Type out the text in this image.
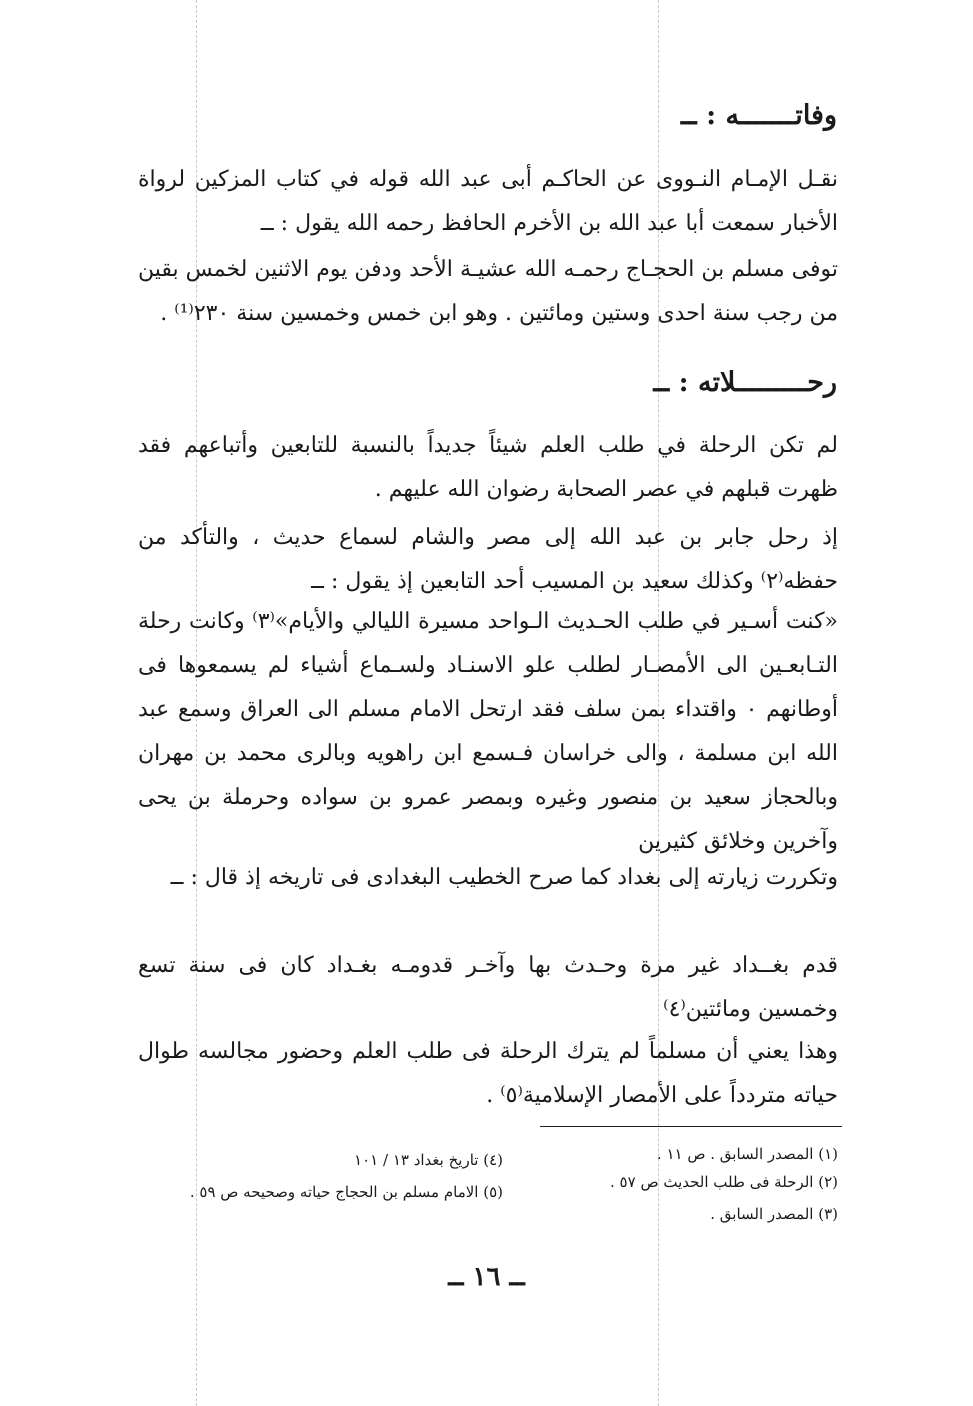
وفاتـــــــه : ــ

نقـل الإمـام النـووى عن الحاكـم أبى عبد الله قوله في كتاب المزكين لرواة الأخبار سمعت أبا عبد الله بن الأخرم الحافظ رحمه الله يقول : ــ

توفى مسلم بن الحجـاج رحمـه الله عشيـة الأحد ودفن يوم الاثنين لخمس بقين من رجب سنة احدى وستين ومائتين . وهو ابن خمس وخمسين سنة ٢٣٠⁽¹⁾ .

رحـــــــــلاته : ــ

لم تكن الرحلة في طلب العلم شيئاً جديداً بالنسبة للتابعين وأتباعهم فقد ظهرت قبلهم في عصر الصحابة رضوان الله عليهم .

إذ رحل جابر بن عبد الله إلى مصر والشام لسماع حديث ، والتأكد من حفظه⁽٢⁾ وكذلك سعيد بن المسيب أحد التابعين إذ يقول : ــ

«كنت أسـير في طلب الحـديث الـواحد مسيرة الليالي والأيام»⁽٣⁾ وكانت رحلة التـابعـين الى الأمصـار لطلب علو الاسنـاد ولسـماع أشياء لم يسمعوها فى أوطانهم ٠ واقتداء بمن سلف فقد ارتحل الامام مسلم الى العراق وسمع عبد الله ابن مسلمة ، والى خراسان فـسمع ابن راهويه وبالرى محمد بن مهران وبالحجاز سعيد بن منصور وغيره وبمصر عمرو بن سواده وحرملة بن يحى وآخرين وخلائق كثيرين

وتكررت زيارته إلى بغداد كما صرح الخطيب البغدادى فى تاريخه إذ قال : ــ

قدم بغــداد غير مرة وحـدث بها وآخـر قدومـه بغـداد كان فى سنة تسع وخمسين ومائتين⁽٤⁾

وهذا يعني أن مسلماً لم يترك الرحلة فى طلب العلم وحضور مجالسه طوال حياته متردداً على الأمصار الإسلامية⁽٥⁾ .

(١) المصدر السابق . ص ١١ .
(٢) الرحلة فى طلب الحديث ص ٥٧ .
(٣) المصدر السابق .
(٤) تاريخ بغداد ١٣ / ١٠١
(٥) الامام مسلم بن الحجاج حياته وصحيحه ص ٥٩ .
ــ ١٦ ــ
